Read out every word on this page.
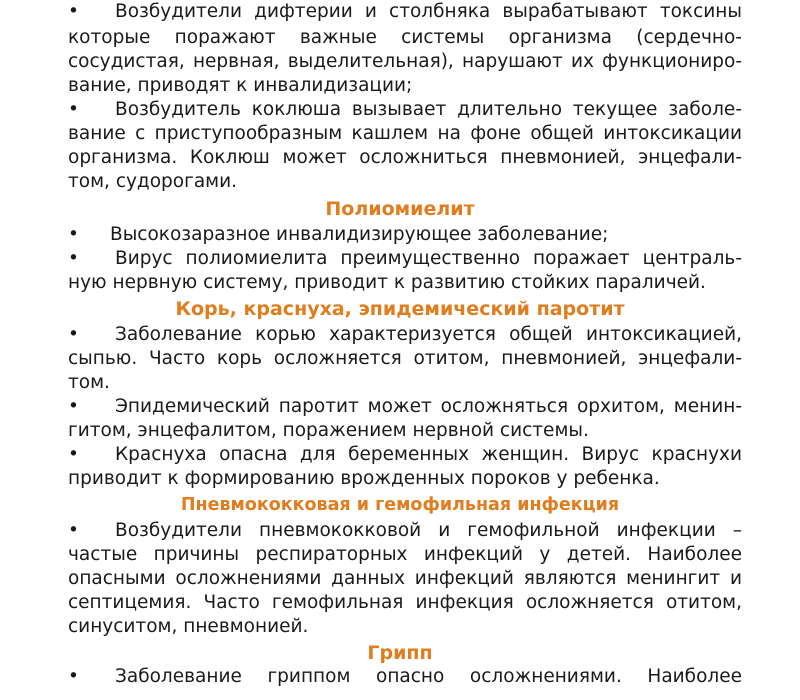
• Возбудители дифтерии и столбняка вырабатывают токсины
которые поражают важные системы организма (сердечно-
сосудистая, нервная, выделительная), нарушают их функциониро-
вание, приводят к инвалидизации;
• Возбудитель коклюша вызывает длительно текущее заболе-
вание с приступообразным кашлем на фоне общей интоксикации
организма. Коклюш может осложниться пневмонией, энцефали-
том, судорогами.
Полиомиелит
• Высокозаразное инвалидизирующее заболевание;
• Вирус полиомиелита преимущественно поражает централь-
ную нервную систему, приводит к развитию стойких параличей.
Корь, краснуха, эпидемический паротит
• Заболевание корью характеризуется общей интоксикацией,
сыпью. Часто корь осложняется отитом, пневмонией, энцефали-
том.
• Эпидемический паротит может осложняться орхитом, менин-
гитом, энцефалитом, поражением нервной системы.
• Краснуха опасна для беременных женщин. Вирус краснухи
приводит к формированию врожденных пороков у ребенка.
Пневмококковая и гемофильная инфекция
• Возбудители пневмококковой и гемофильной инфекции –
частые причины респираторных инфекций у детей. Наиболее
опасными осложнениями данных инфекций являются менингит и
септицемия. Часто гемофильная инфекция осложняется отитом,
синуситом, пневмонией.
Грипп
• Заболевание гриппом опасно осложнениями. Наиболее
